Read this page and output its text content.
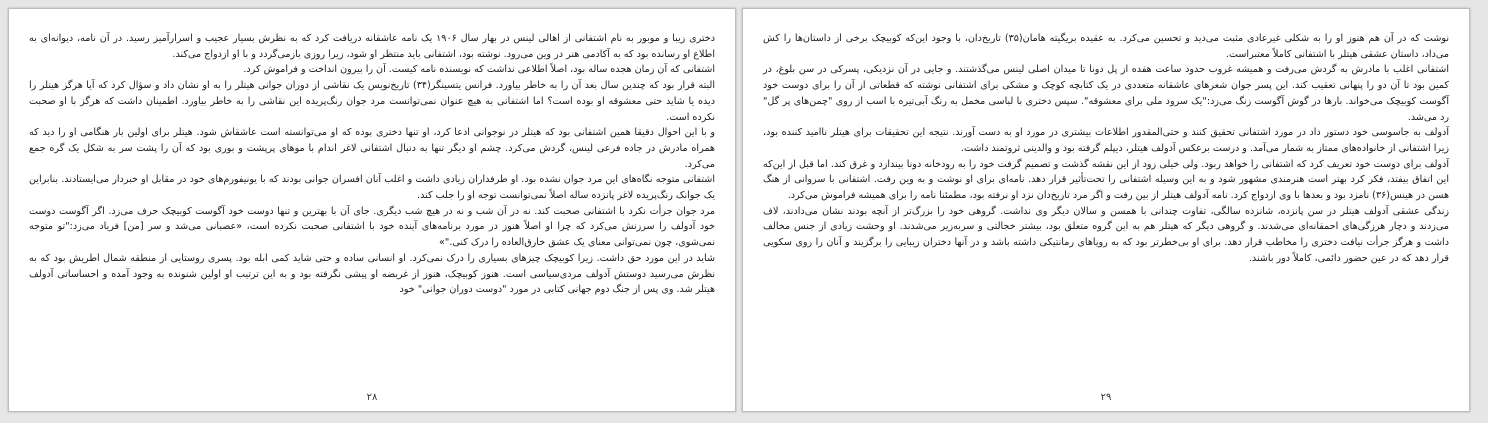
دختری زیبا و موبور به نام اشتفانی از اهالی لینس در بهار سال ۱۹۰۶ یک نامه عاشقانه دریافت کرد که به نظرش بسیار عجیب و اسرارآمیز رسید. در آن نامه، دیوانه‌ای به اطلاع او رسانده بود که به آکادمی هنر در وین می‌رود. نوشته بود، اشتفانی باید منتظر او شود، زیرا روزی بازمی‌گردد و با او ازدواج می‌کند.

اشتفانی که آن زمان هجده ساله بود، اصلاً اطلاعی نداشت که نویسنده نامه کیست. آن را بیرون انداخت و فراموش کرد.

البته قرار بود که چندین سال بعد آن را به خاطر بیاورد. فرانس یتسینگر(۳۴) تاریخ‌نویس یک نقاشی از دوران جوانی هیتلر را به او نشان داد و سؤال کرد که آیا هرگز هیتلر را دیده یا شاید حتی معشوقه او بوده است؟ اما اشتفانی به هیچ عنوان نمی‌توانست مرد جوان رنگ‌پریده این نقاشی را به خاطر بیاورد. اطمینان داشت که هرگز با او صحبت نکرده است.

و با این احوال دقیقا همین اشتفانی بود که هیتلر در نوجوانی ادعا کرد، او تنها دختری بوده که او می‌توانسته است عاشقاش شود. هیتلر برای اولین بار هنگامی او را دید که همراه مادرش در جاده فرعی لینس، گردش می‌کرد. چشم او دیگر تنها به دنبال اشتفانی لاغر اندام با موهای پرپشت و بوری بود که آن را پشت سر به شکل یک گره جمع می‌کرد.

اشتفانی متوجه نگاه‌های این مرد جوان نشده بود. او طرفداران زیادی داشت و اغلب آنان افسران جوانی بودند که با یونیفورم‌های خود در مقابل او خبردار می‌ایستادند. بنابراین یک جوانک رنگ‌پریده لاغر پانزده ساله اصلاً نمی‌توانست توجه او را جلب کند.

مرد جوان جرأت نکرد با اشتفانی صحبت کند. نه در آن شب و نه در هیچ شب دیگری. جای آن با بهترین و تنها دوست خود آگوست کوبیچک حرف می‌زد. اگر آگوست دوست خود آدولف را سرزنش می‌کرد که چرا او اصلاً هنوز در مورد برنامه‌های آینده خود با اشتفانی صحبت نکرده است، «عصبانی می‌شد و سر [من] فریاد می‌زد:"تو متوجه نمی‌شوی، چون نمی‌توانی معنای یک عشق خارق‌العاده را درک کنی."»

شاید در این مورد حق داشت. زیرا کوبیچک چیزهای بسیاری را درک نمی‌کرد. او انسانی ساده و حتی شاید کمی ابله بود. پسری روستایی از منطقه شمال اطریش بود که به نظرش می‌رسید دوستش آدولف مردی‌سیاسی است. هنوز کوبیچک، هنوز از غریضه او پیشی نگرفته بود و به این ترتیب او اولین شنونده به وجود آمده و احساساتی آدولف هیتلر شد. وی پس از جنگ دوم جهانی کتابی در مورد "دوست دوران جوانی" خود

۲۸

نوشت که در آن هم هنوز او را به شکلی غیرعادی مثبت می‌دید و تحسین می‌کرد. به عقیده بریگیته هامان(۳۵) تاریخ‌دان، با وجود این‌که کوبیچک برخی از داستان‌ها را کش می‌داد، داستان عشقی هیتلر با اشتفانی کاملاً معتبراست.

اشتفانی اغلب با مادرش به گردش می‌رفت و همیشه غروب حدود ساعت هفده از پل دونا تا میدان اصلی لینس می‌گذشتند. و جایی در آن نزدیکی، پسرکی در سن بلوغ، در کمین بود تا آن دو را پنهانی تعقیب کند. این پسر جوان شعرهای عاشقانه متعددی در یک کتابچه کوچک و مشکی برای اشتفانی نوشته که قطعاتی از آن را برای دوست خود آگوست کوبیچک می‌خواند. بارها در گوش آگوست زنگ می‌زد:"یک سرود ملی برای معشوقه". سپس دختری با لباسی مخمل به رنگ آبی‌تیره با اسب از روی "چمن‌های پر گل" رد می‌شد.

آدولف به جاسوسی خود دستور داد در مورد اشتفانی تحقیق کنند و حتی‌المقدور اطلاعات بیشتری در مورد او به دست آورند. نتیجه این تحقیقات برای هیتلر ناامید کننده بود، زیرا اشتفانی از خانواده‌های ممتاز به شمار می‌آمد. و درست برعکس آدولف هیتلر، دیپلم گرفته بود و والدینی ثروتمند داشت.

آدولف برای دوست خود تعریف کرد که اشتفانی را خواهد ربود. ولی خیلی زود از این نقشه گذشت و تصمیم گرفت خود را به رودخانه دونا بیندازد و غرق کند. اما قبل از این‌که این اتفاق بیفتد، فکر کرد بهتر است هنرمندی مشهور شود و به این وسیله اشتفانی را تحت‌تأثیر قرار دهد. نامه‌ای برای او نوشت و به وین رفت. اشتفانی با سروانی از هنگ هسن در هینس(۳۶) نامزد بود و بعدها با وی ازدواج کرد. نامه آدولف هیتلر از بین رفت و اگر مرد تاریخ‌دان نزد او نرفته بود، مطمئنا نامه را برای همیشه فراموش می‌کرد.

زندگی عشقی آدولف هیتلر در سن پانزده، شانزده سالگی، تفاوت چندانی با همسن و سالان دیگر وی نداشت. گروهی خود را بزرگ‌تر از آنچه بودند نشان می‌دادند، لاف می‌زدند و دچار هرزگی‌های احمقانه‌ای می‌شدند. و گروهی دیگر که هیتلر هم به این گروه متعلق بود، بیشتر خجالتی و سربه‌زیر می‌شدند. او وحشت زیادی از جنس مخالف داشت و هرگز جرأت نیافت دختری را مخاطب قرار دهد. برای او بی‌خطرتر بود که به رویاهای رمانتیکی داشته باشد و در آنها دختران زیبایی را برگزیند و آنان را روی سکویی قرار دهد که در عین حضور دائمی، کاملاً دور باشند.

۲۹
